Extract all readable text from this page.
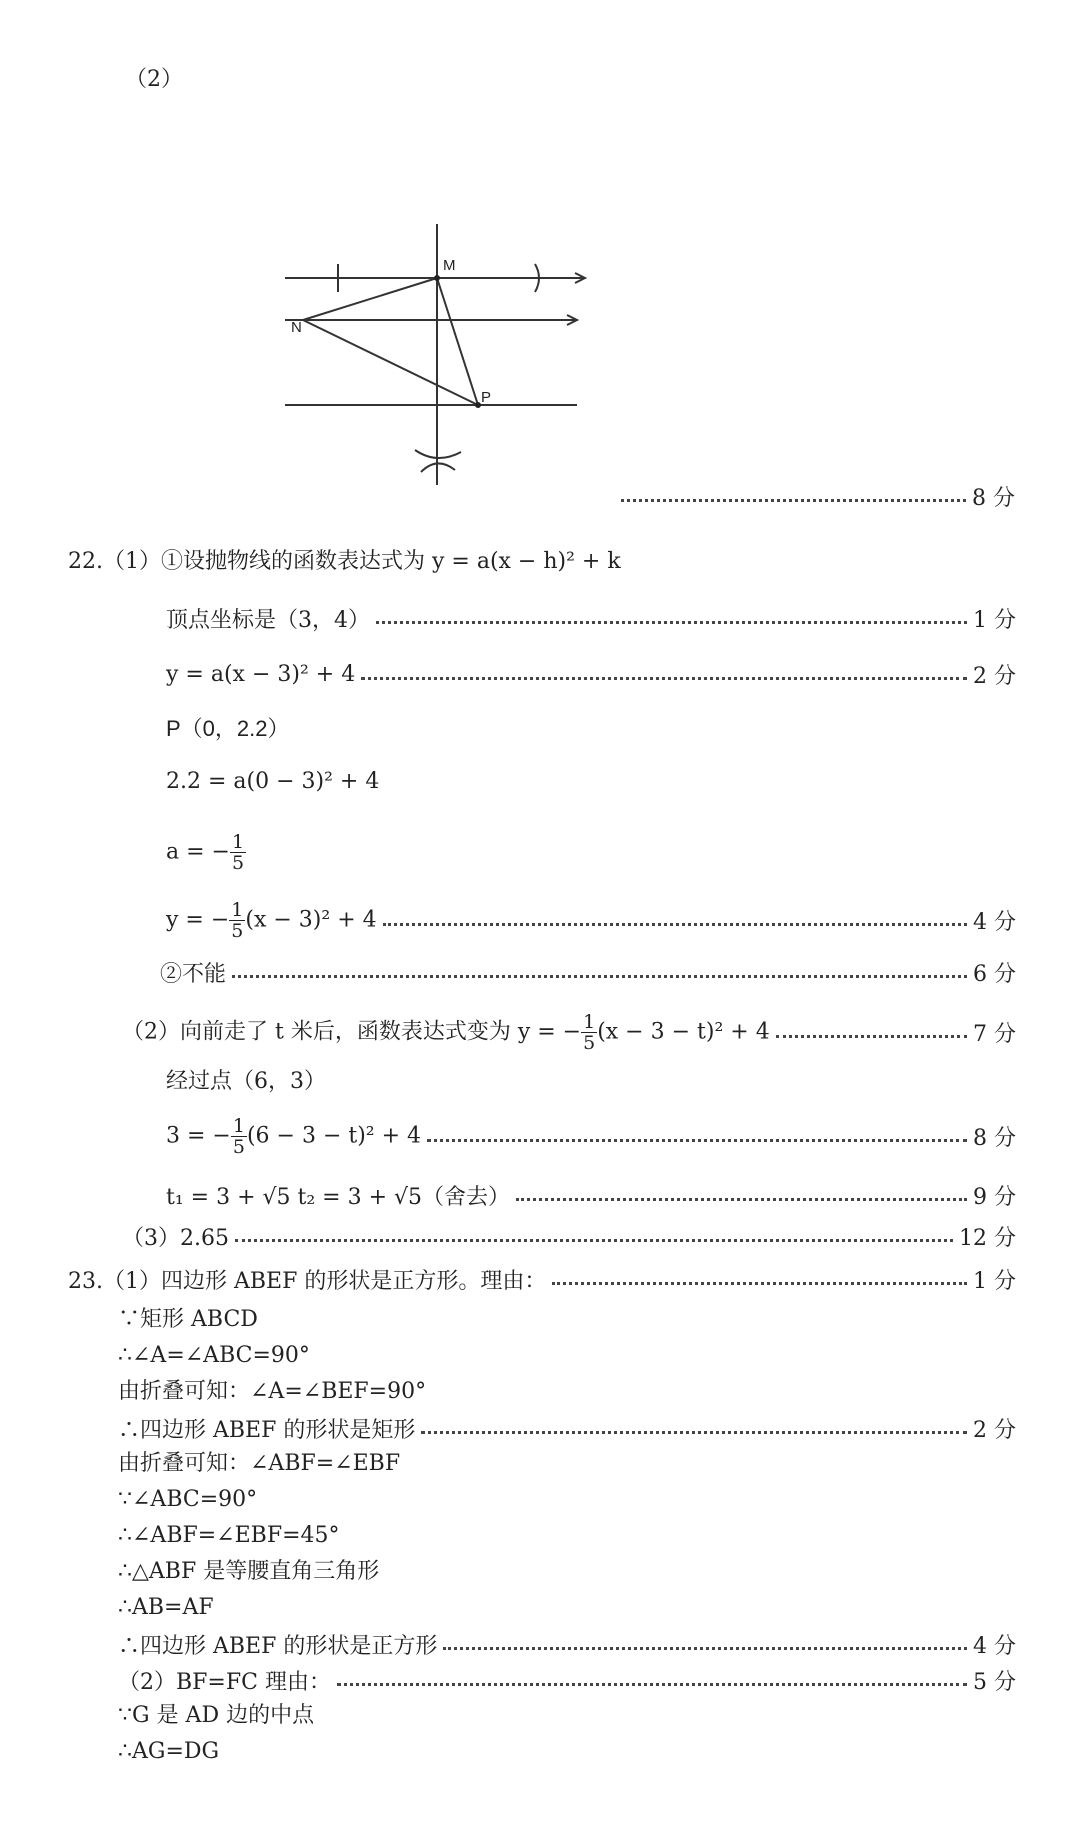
（2）
M
N
P
8 分
22.（1）①设抛物线的函数表达式为 y = a(x − h)² + k
顶点坐标是（3，4）	1 分
y = a(x − 3)² + 4	2 分
P（0，2.2）
2.2 = a(0 − 3)² + 4
a = − $\frac{1}{5}$
y = − $\frac{1}{5} (x - 3)^2 + 4$	4 分
②不能	6 分
（2）向前走了 t 米后，函数表达式变为 y = − $\frac{1}{5} (x - 3 - t)^2 + 4$	7 分
经过点（6，3）
3 = − $\frac{1}{5} (6 - 3 - t)^2 + 4$	8 分
t₁ = 3 + √5 t₂ = 3 + √5（舍去）	9 分
（3）2.65	12 分
23.（1）四边形 ABEF 的形状是正方形。理由：	1 分
∵矩形 ABCD
∴∠A=∠ABC=90°
由折叠可知：∠A=∠BEF=90°
∴四边形 ABEF 的形状是矩形	2 分
由折叠可知：∠ABF=∠EBF
∵∠ABC=90°
∴∠ABF=∠EBF=45°
∴△ABF 是等腰直角三角形
∴AB=AF
∴四边形 ABEF 的形状是正方形	4 分
（2）BF=FC 理由：	5 分
∵G 是 AD 边的中点
∴AG=DG
